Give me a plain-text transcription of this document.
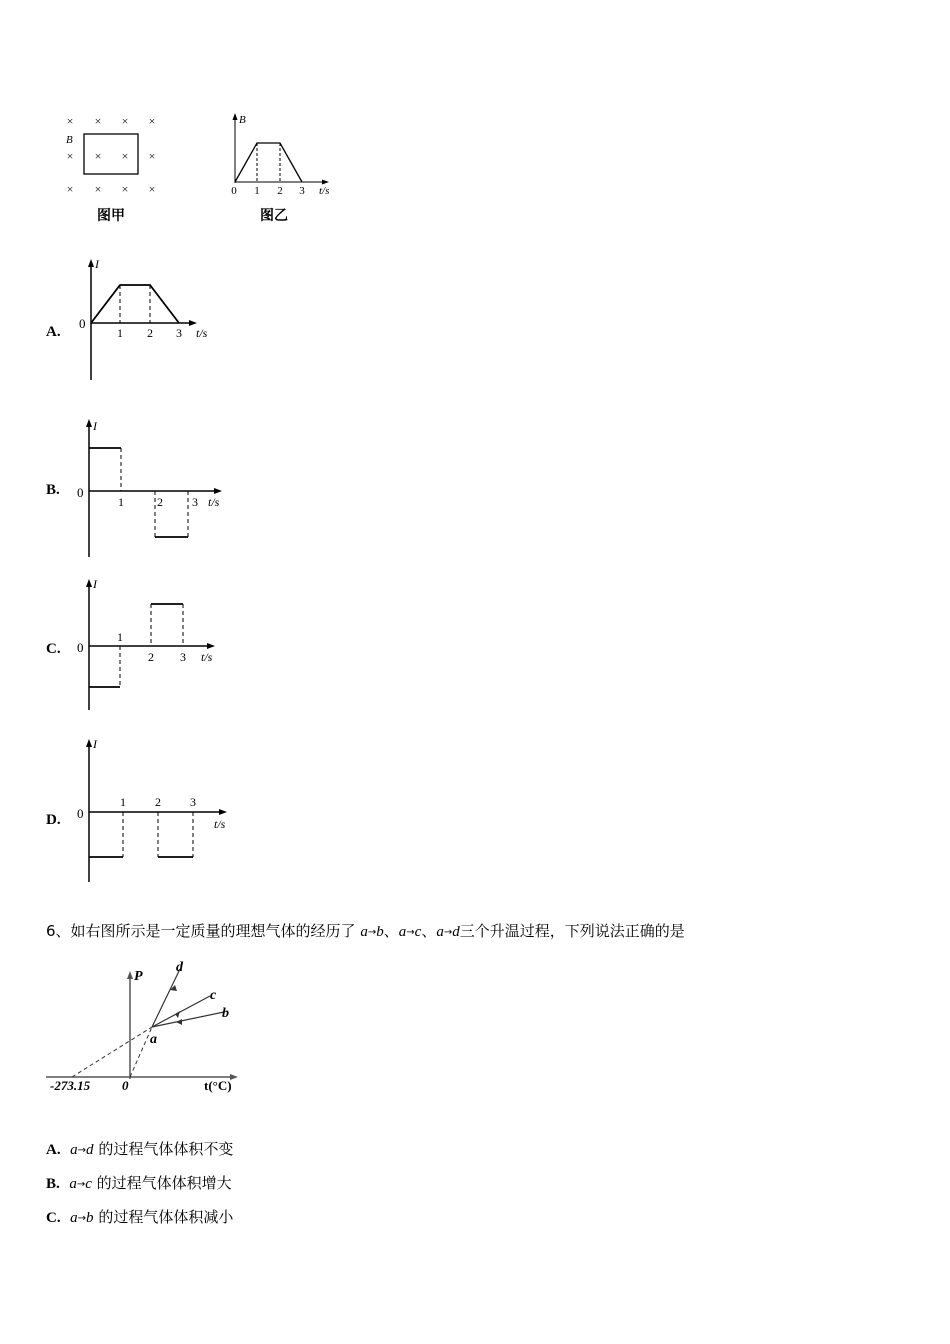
× × × ×
× × × ×
× × × ×
B
图甲
B
0 1 2 3 t/s
图乙
A.
I
0
1 2 3 t/s
B.
I
0
1	2 3 t/s
C.
I
0
1
2 3 t/s
D.
I
0
1 2 3
t/s
6、如右图所示是一定质量的理想气体的经历了 a→b、a→c、a→d三个升温过程，下列说法正确的是
P
a
b
c
d
-273.15 0	t(°C)
A. a→d 的过程气体体积不变
B. a→c 的过程气体体积增大
C. a→b 的过程气体体积减小
